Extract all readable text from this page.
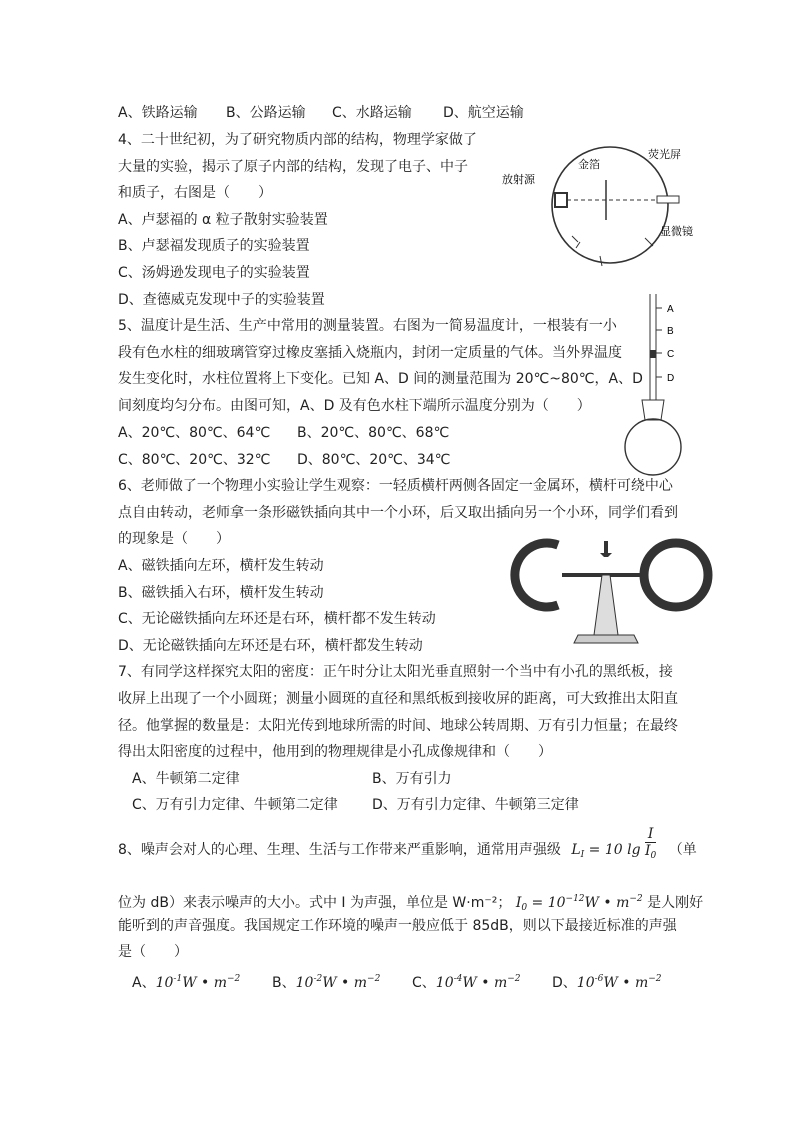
A、铁路运输 B、公路运输 C、水路运输 D、航空运输
4、二十世纪初，为了研究物质内部的结构，物理学家做了
大量的实验，揭示了原子内部的结构，发现了电子、中子
和质子，右图是（　　）
A、卢瑟福的 α 粒子散射实验装置
B、卢瑟福发现质子的实验装置
C、汤姆逊发现电子的实验装置
D、查德威克发现中子的实验装置
放射源
金箔
荧光屏
显微镜
5、温度计是生活、生产中常用的测量装置。右图为一简易温度计，一根装有一小
段有色水柱的细玻璃管穿过橡皮塞插入烧瓶内，封闭一定质量的气体。当外界温度
发生变化时，水柱位置将上下变化。已知 A、D 间的测量范围为 20℃~80℃，A、D
间刻度均匀分布。由图可知，A、D 及有色水柱下端所示温度分别为（　　）
A、20℃、80℃、64℃ B、20℃、80℃、68℃
C、80℃、20℃、32℃ D、80℃、20℃、34℃
A
B
C
D
6、老师做了一个物理小实验让学生观察：一轻质横杆两侧各固定一金属环，横杆可绕中心
点自由转动，老师拿一条形磁铁插向其中一个小环，后又取出插向另一个小环，同学们看到
的现象是（　　）
A、磁铁插向左环，横杆发生转动
B、磁铁插入右环，横杆发生转动
C、无论磁铁插向左环还是右环，横杆都不发生转动
D、无论磁铁插向左环还是右环，横杆都发生转动
7、有同学这样探究太阳的密度：正午时分让太阳光垂直照射一个当中有小孔的黑纸板，接
收屏上出现了一个小圆斑；测量小圆斑的直径和黑纸板到接收屏的距离，可大致推出太阳直
径。他掌握的数量是：太阳光传到地球所需的时间、地球公转周期、万有引力恒量；在最终
得出太阳密度的过程中，他用到的物理规律是小孔成像规律和（　　）
A、牛顿第二定律	B、万有引力
C、万有引力定律、牛顿第二定律 D、万有引力定律、牛顿第三定律
8、噪声会对人的心理、生理、生活与工作带来严重影响，通常用声强级 $L_I = 10$ $\lg \frac{I}{I_0}$ （单
位为 dB）来表示噪声的大小。式中 I 为声强，单位是 W·m⁻²； $I_0 = 10^{-12}W$ • $m^{-2}$ 是人刚好
能听到的声音强度。我国规定工作环境的噪声一般应低于 85dB，则以下最接近标准的声强
是（　　）
A、$10^{-1}W$ • $m^{-2}$ B、$10^{-2}W$ • $m^{-2}$ C、$10^{-4}W$ • $m^{-2}$ D、$10^{-6}W$ • $m^{-2}$
